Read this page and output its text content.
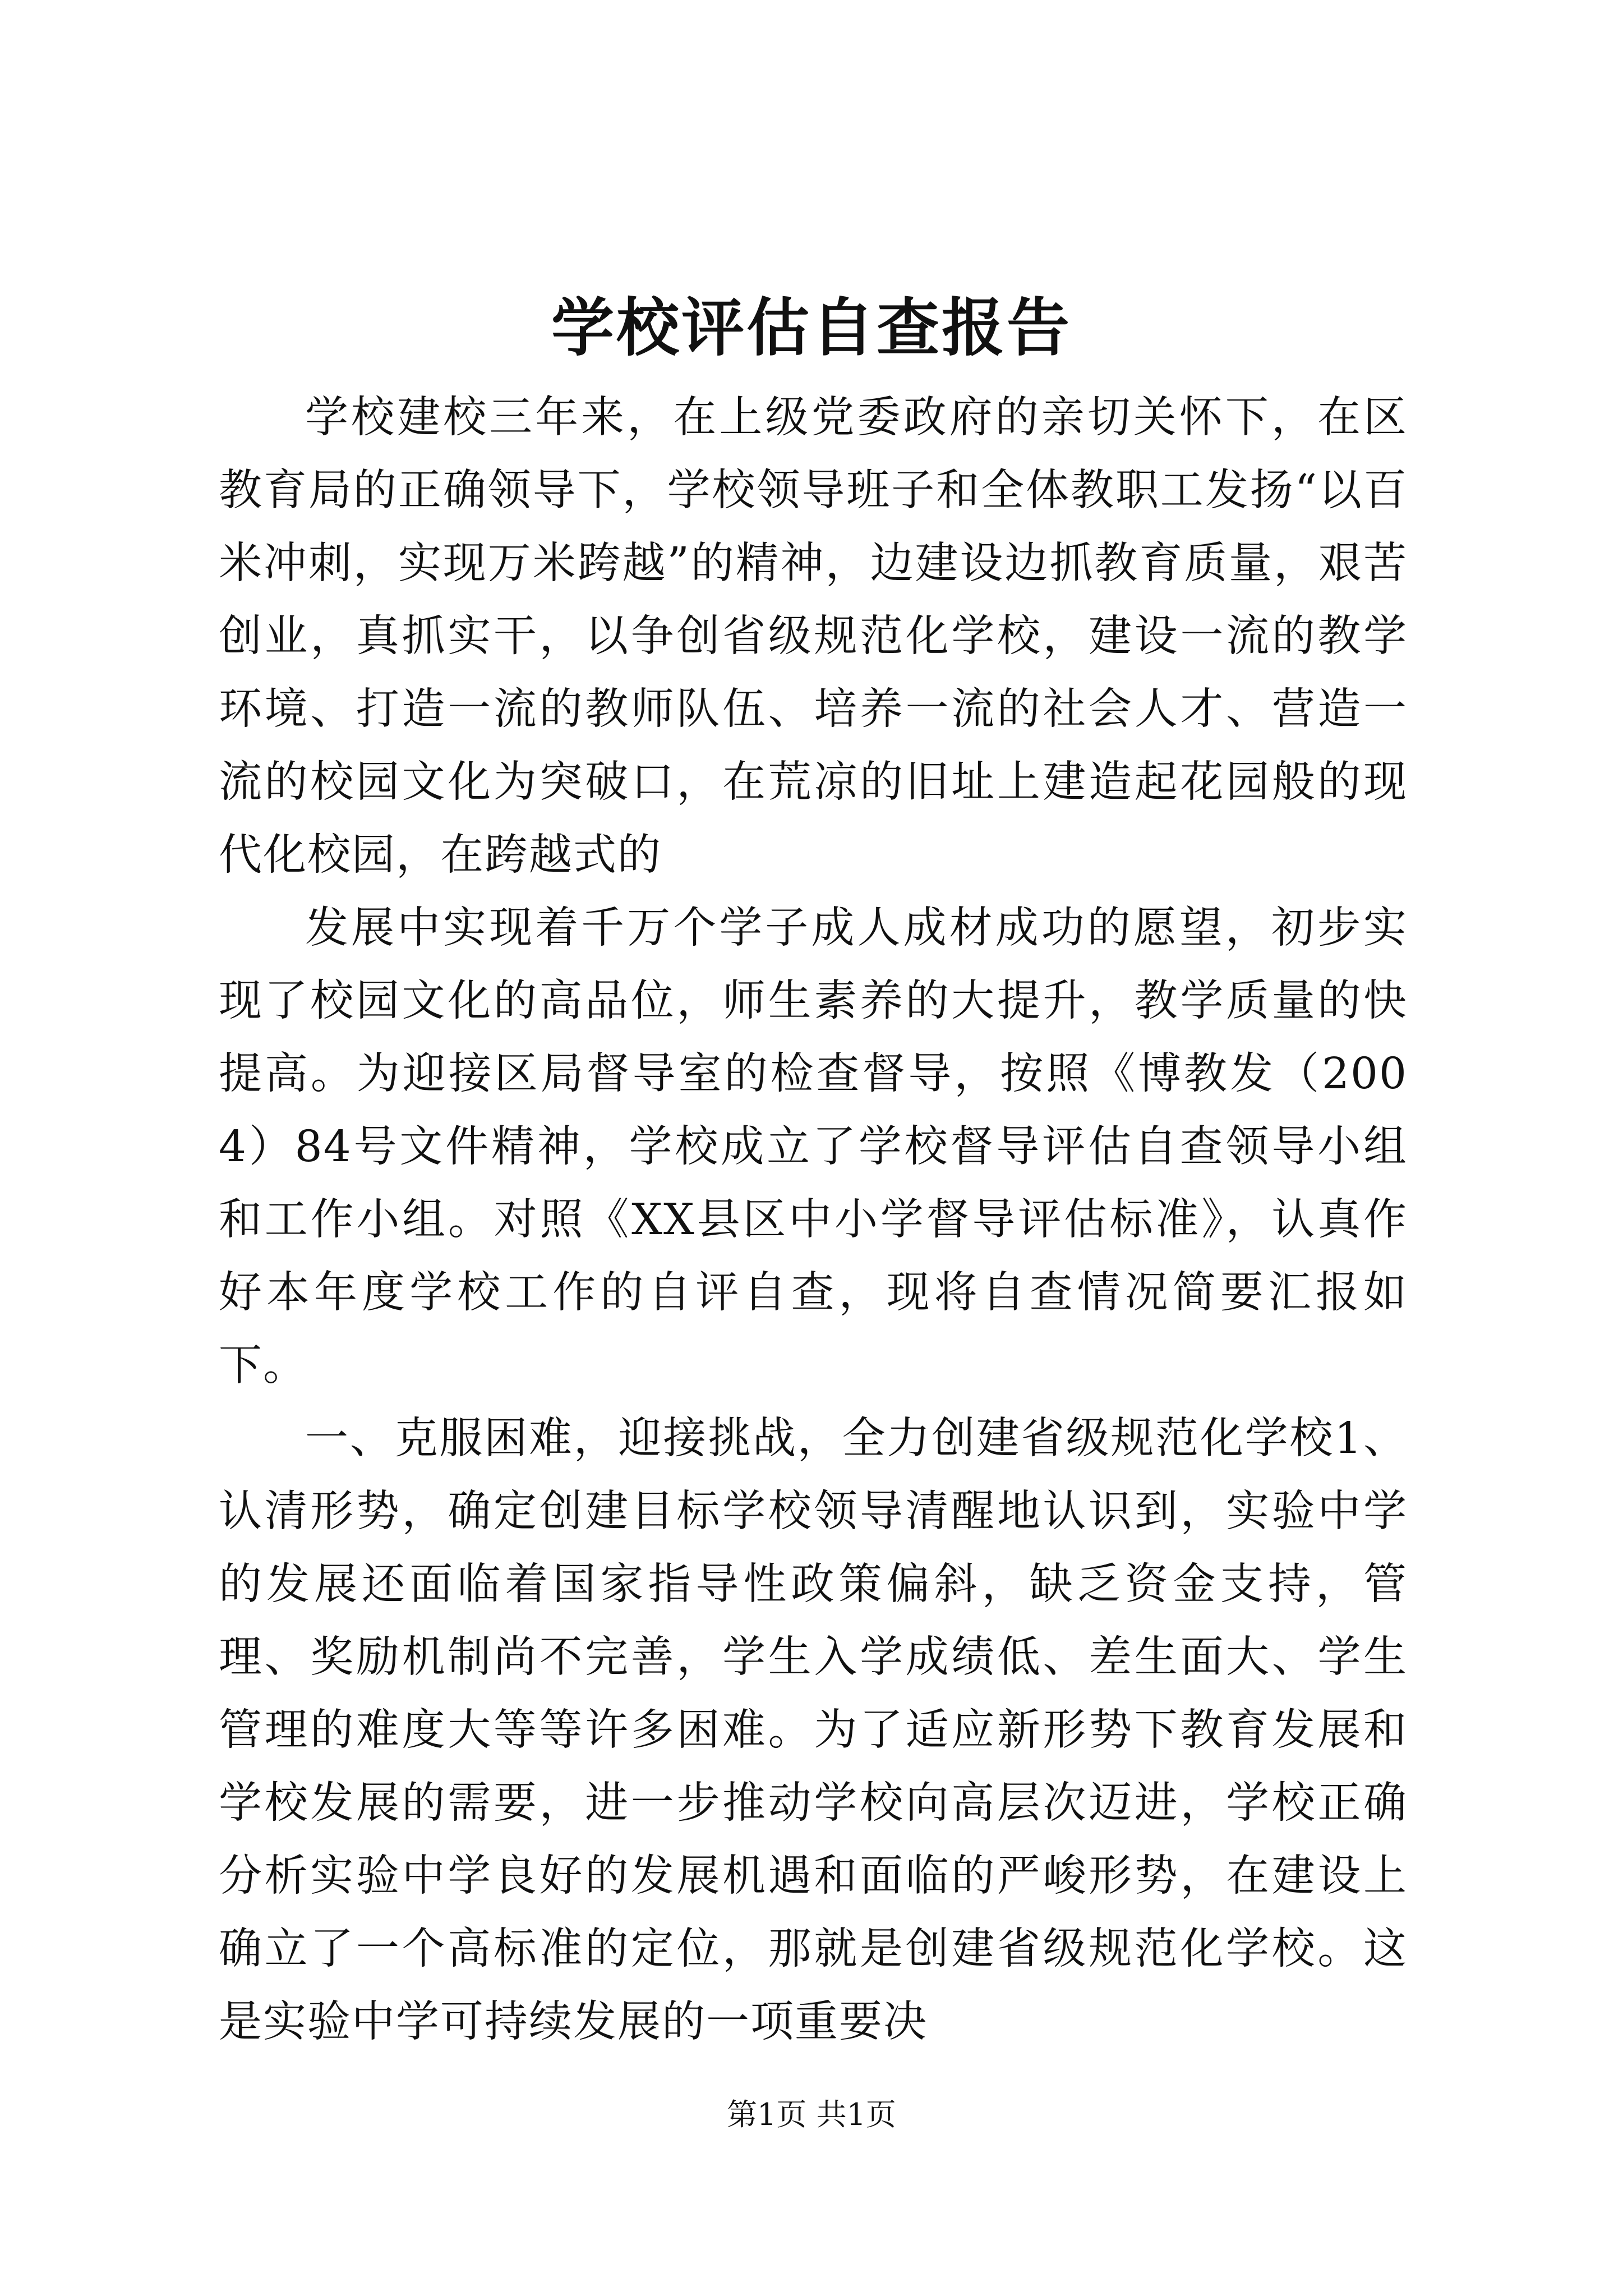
学校评估自查报告

学校建校三年来，在上级党委政府的亲切关怀下，在区教育局的正确领导下，学校领导班子和全体教职工发扬“以百米冲刺，实现万米跨越”的精神，边建设边抓教育质量，艰苦创业，真抓实干，以争创省级规范化学校，建设一流的教学环境、打造一流的教师队伍、培养一流的社会人才、营造一流的校园文化为突破口，在荒凉的旧址上建造起花园般的现代化校园，在跨越式的

发展中实现着千万个学子成人成材成功的愿望，初步实现了校园文化的高品位，师生素养的大提升，教学质量的快提高。为迎接区局督导室的检查督导，按照《博教发（2004）84号文件精神，学校成立了学校督导评估自查领导小组和工作小组。对照《XX县区中小学督导评估标准》，认真作好本年度学校工作的自评自查，现将自查情况简要汇报如下。

一、克服困难，迎接挑战，全力创建省级规范化学校1、认清形势，确定创建目标学校领导清醒地认识到，实验中学的发展还面临着国家指导性政策偏斜，缺乏资金支持，管理、奖励机制尚不完善，学生入学成绩低、差生面大、学生管理的难度大等等许多困难。为了适应新形势下教育发展和学校发展的需要，进一步推动学校向高层次迈进，学校正确分析实验中学良好的发展机遇和面临的严峻形势，在建设上确立了一个高标准的定位，那就是创建省级规范化学校。这是实验中学可持续发展的一项重要决

第1页 共1页
